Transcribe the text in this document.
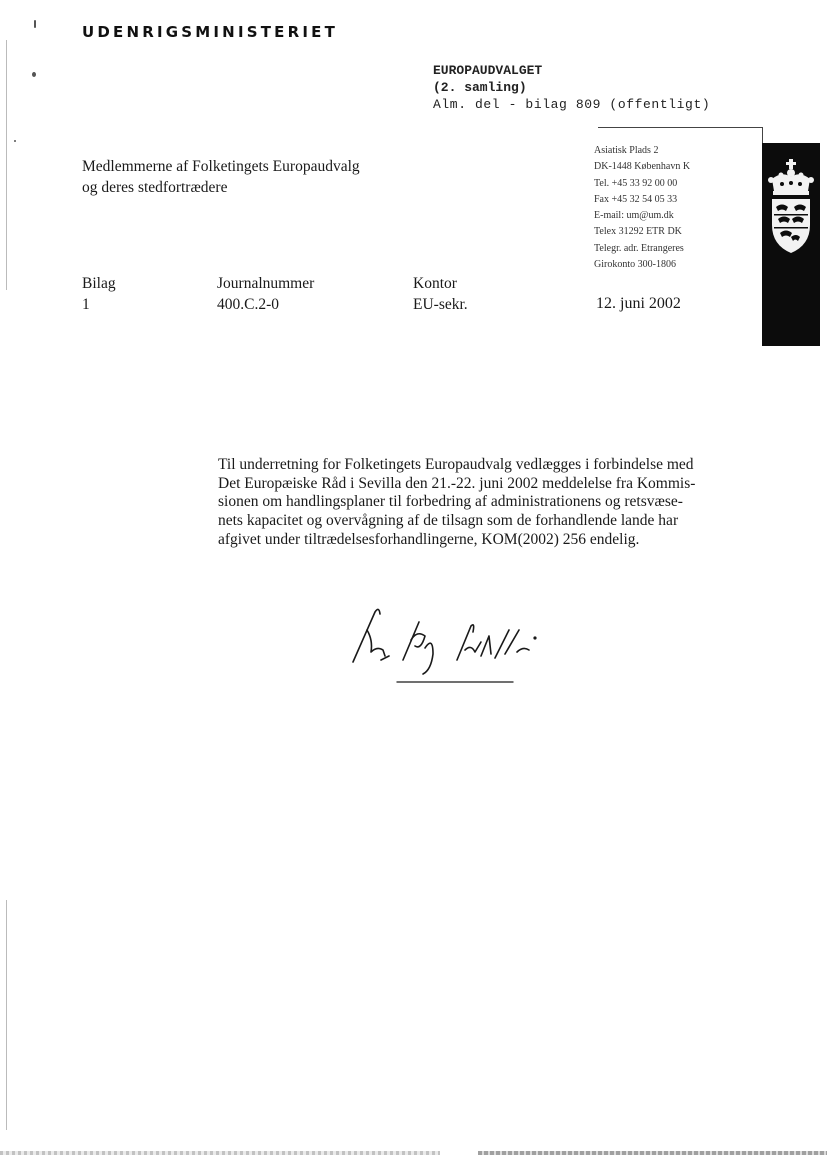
UDENRIGSMINISTERIET
EUROPAUDVALGET
(2. samling)
Alm. del - bilag 809 (offentligt)
Asiatisk Plads 2
DK-1448 København K
Tel. +45 33 92 00 00
Fax +45 32 54 05 33
E-mail: um@um.dk
Telex 31292 ETR DK
Telegr. adr. Etrangeres
Girokonto 300-1806
Medlemmerne af Folketingets Europaudvalg
og deres stedfortrædere
Bilag
1
Journalnummer
400.C.2-0
Kontor
EU-sekr.	12. juni 2002
Til underretning for Folketingets Europaudvalg vedlægges i forbindelse med
Det Europæiske Råd i Sevilla den 21.-22. juni 2002 meddelelse fra Kommis-
sionen om handlingsplaner til forbedring af administrationens og retsvæse-
nets kapacitet og overvågning af de tilsagn som de forhandlende lande har
afgivet under tiltrædelsesforhandlingerne, KOM(2002) 256 endelig.
